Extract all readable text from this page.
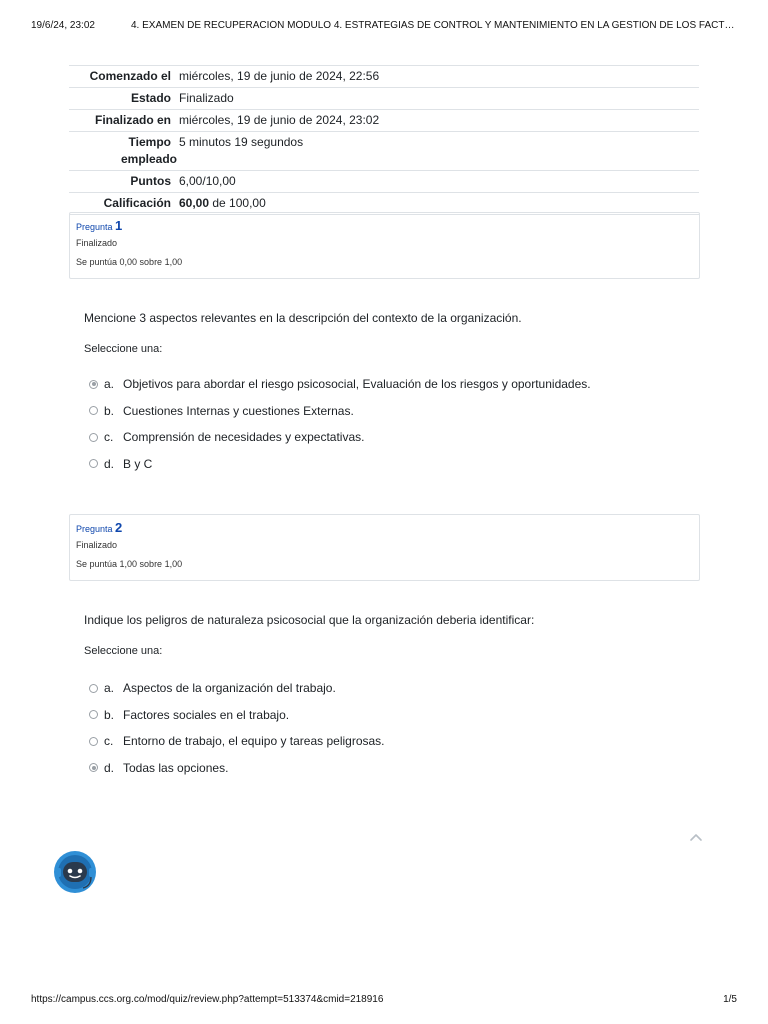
19/6/24, 23:02	4. EXAMEN DE RECUPERACIÓN MÓDULO 4. ESTRATEGIAS DE CONTROL Y MANTENIMIENTO EN LA GESTIÓN DE LOS FACT…
Comenzado el miércoles, 19 de junio de 2024, 22:56
Estado Finalizado
Finalizado en miércoles, 19 de junio de 2024, 23:02
Tiempo empleado
5 minutos 19 segundos
Puntos 6,00/10,00
Calificación 60,00 de 100,00
Pregunta 1
Finalizado
Se puntúa 0,00 sobre 1,00
Mencione 3 aspectos relevantes en la descripción del contexto de la organización.
Seleccione una:
a. Objetivos para abordar el riesgo psicosocial, Evaluación de los riesgos y oportunidades.
b. Cuestiones Internas y cuestiones Externas.
c. Comprensión de necesidades y expectativas.
d. B y C
Pregunta 2
Finalizado
Se puntúa 1,00 sobre 1,00
Indique los peligros de naturaleza psicosocial que la organización deberia identificar:
Seleccione una:
a. Aspectos de la organización del trabajo.
b. Factores sociales en el trabajo.
c. Entorno de trabajo, el equipo y tareas peligrosas.
d. Todas las opciones.
https://campus.ccs.org.co/mod/quiz/review.php?attempt=513374&cmid=218916	1/5
